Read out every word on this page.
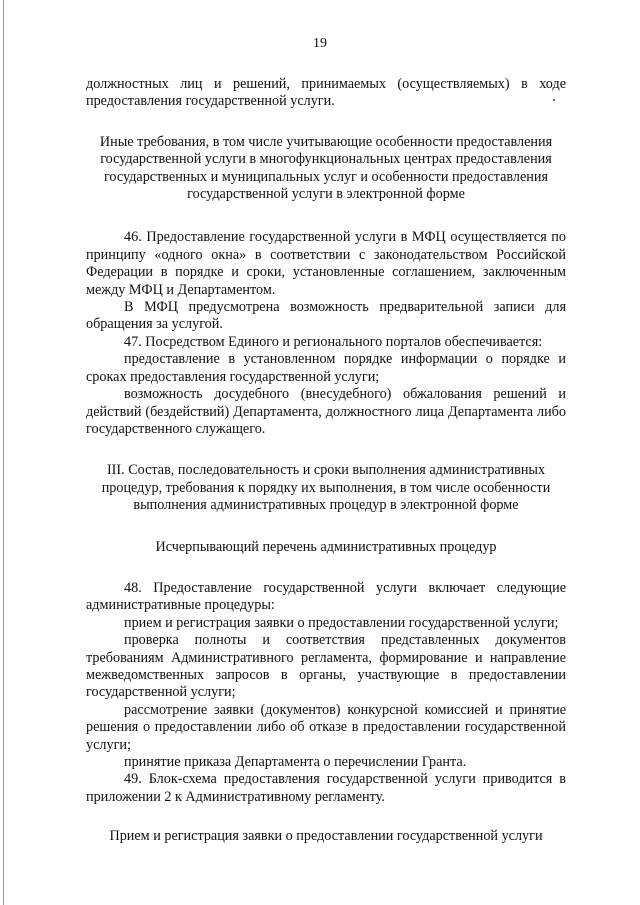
19

должностных лиц и решений, принимаемых (осуществляемых) в ходе предоставления государственной услуги.

Иные требования, в том числе учитывающие особенности предоставления государственной услуги в многофункциональных центрах предоставления государственных и муниципальных услуг и особенности предоставления государственной услуги в электронной форме

46. Предоставление государственной услуги в МФЦ осуществляется по принципу «одного окна» в соответствии с законодательством Российской Федерации в порядке и сроки, установленные соглашением, заключенным между МФЦ и Департаментом.

В МФЦ предусмотрена возможность предварительной записи для обращения за услугой.

47. Посредством Единого и регионального порталов обеспечивается:

предоставление в установленном порядке информации о порядке и сроках предоставления государственной услуги;

возможность досудебного (внесудебного) обжалования решений и действий (бездействий) Департамента, должностного лица Департамента либо государственного служащего.

III. Состав, последовательность и сроки выполнения административных процедур, требования к порядку их выполнения, в том числе особенности выполнения административных процедур в электронной форме

Исчерпывающий перечень административных процедур

48. Предоставление государственной услуги включает следующие административные процедуры:

прием и регистрация заявки о предоставлении государственной услуги;

проверка полноты и соответствия представленных документов требованиям Административного регламента, формирование и направление межведомственных запросов в органы, участвующие в предоставлении государственной услуги;

рассмотрение заявки (документов) конкурсной комиссией и принятие решения о предоставлении либо об отказе в предоставлении государственной услуги;

принятие приказа Департамента о перечислении Гранта.

49. Блок-схема предоставления государственной услуги приводится в приложении 2 к Административному регламенту.

Прием и регистрация заявки о предоставлении государственной услуги
